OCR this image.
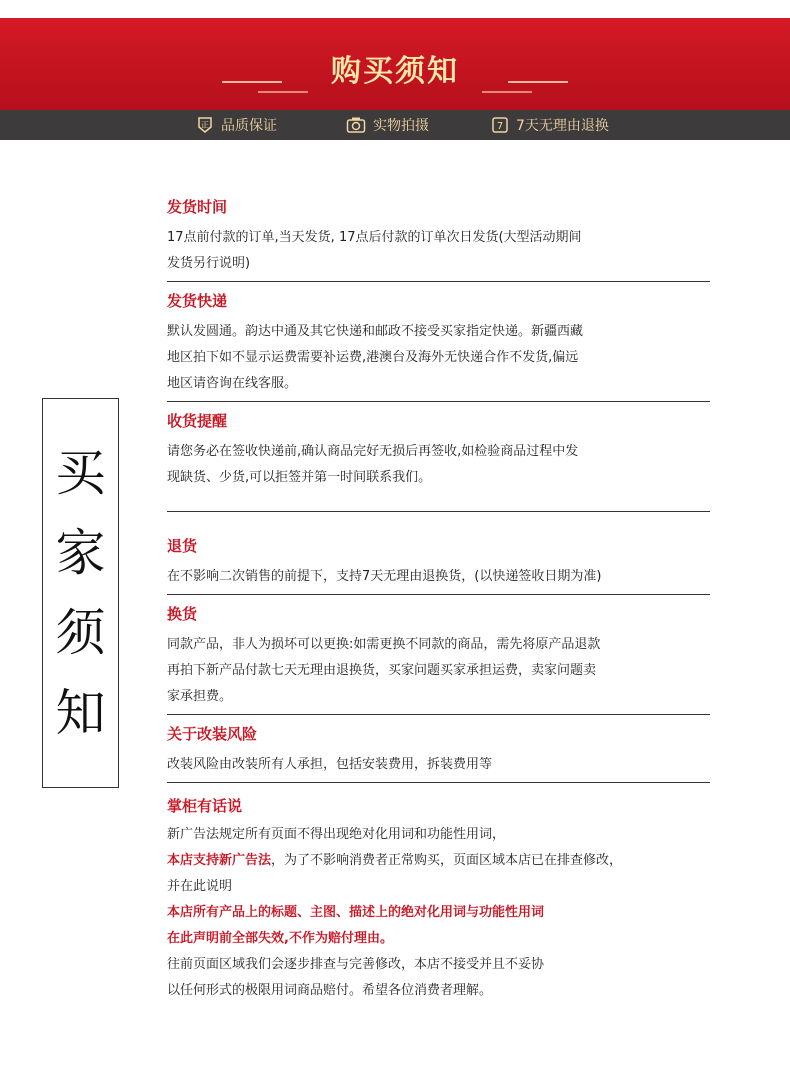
购买须知
正 品质保证	实物拍摄	7 7天无理由退换
买
家
须
知
发货时间
17点前付款的订单,当天发货, 17点后付款的订单次日发货(大型活动期间
发货另行说明)
发货快递
默认发圆通。韵达中通及其它快递和邮政不接受买家指定快递。新疆西藏
地区拍下如不显示运费需要补运费,港澳台及海外无快递合作不发货,偏远
地区请咨询在线客服。
收货提醒
请您务必在签收快递前,确认商品完好无损后再签收,如检验商品过程中发
现缺货、少货,可以拒签并第一时间联系我们。
退货
在不影响二次销售的前提下，支持7天无理由退换货，(以快递签收日期为准)
换货
同款产品，非人为损坏可以更换:如需更换不同款的商品，需先将原产品退款
再拍下新产品付款七天无理由退换货，买家问题买家承担运费，卖家问题卖
家承担费。
关于改装风险
改装风险由改装所有人承担，包括安装费用，拆装费用等
掌柜有话说
新广告法规定所有页面不得出现绝对化用词和功能性用词，
本店支持新广告法，为了不影响消费者正常购买，页面区域本店已在排查修改，
并在此说明
本店所有产品上的标题、主图、描述上的绝对化用词与功能性用词
在此声明前全部失效,不作为赔付理由。
往前页面区域我们会逐步排查与完善修改，本店不接受并且不妥协
以任何形式的极限用词商品赔付。希望各位消费者理解。
